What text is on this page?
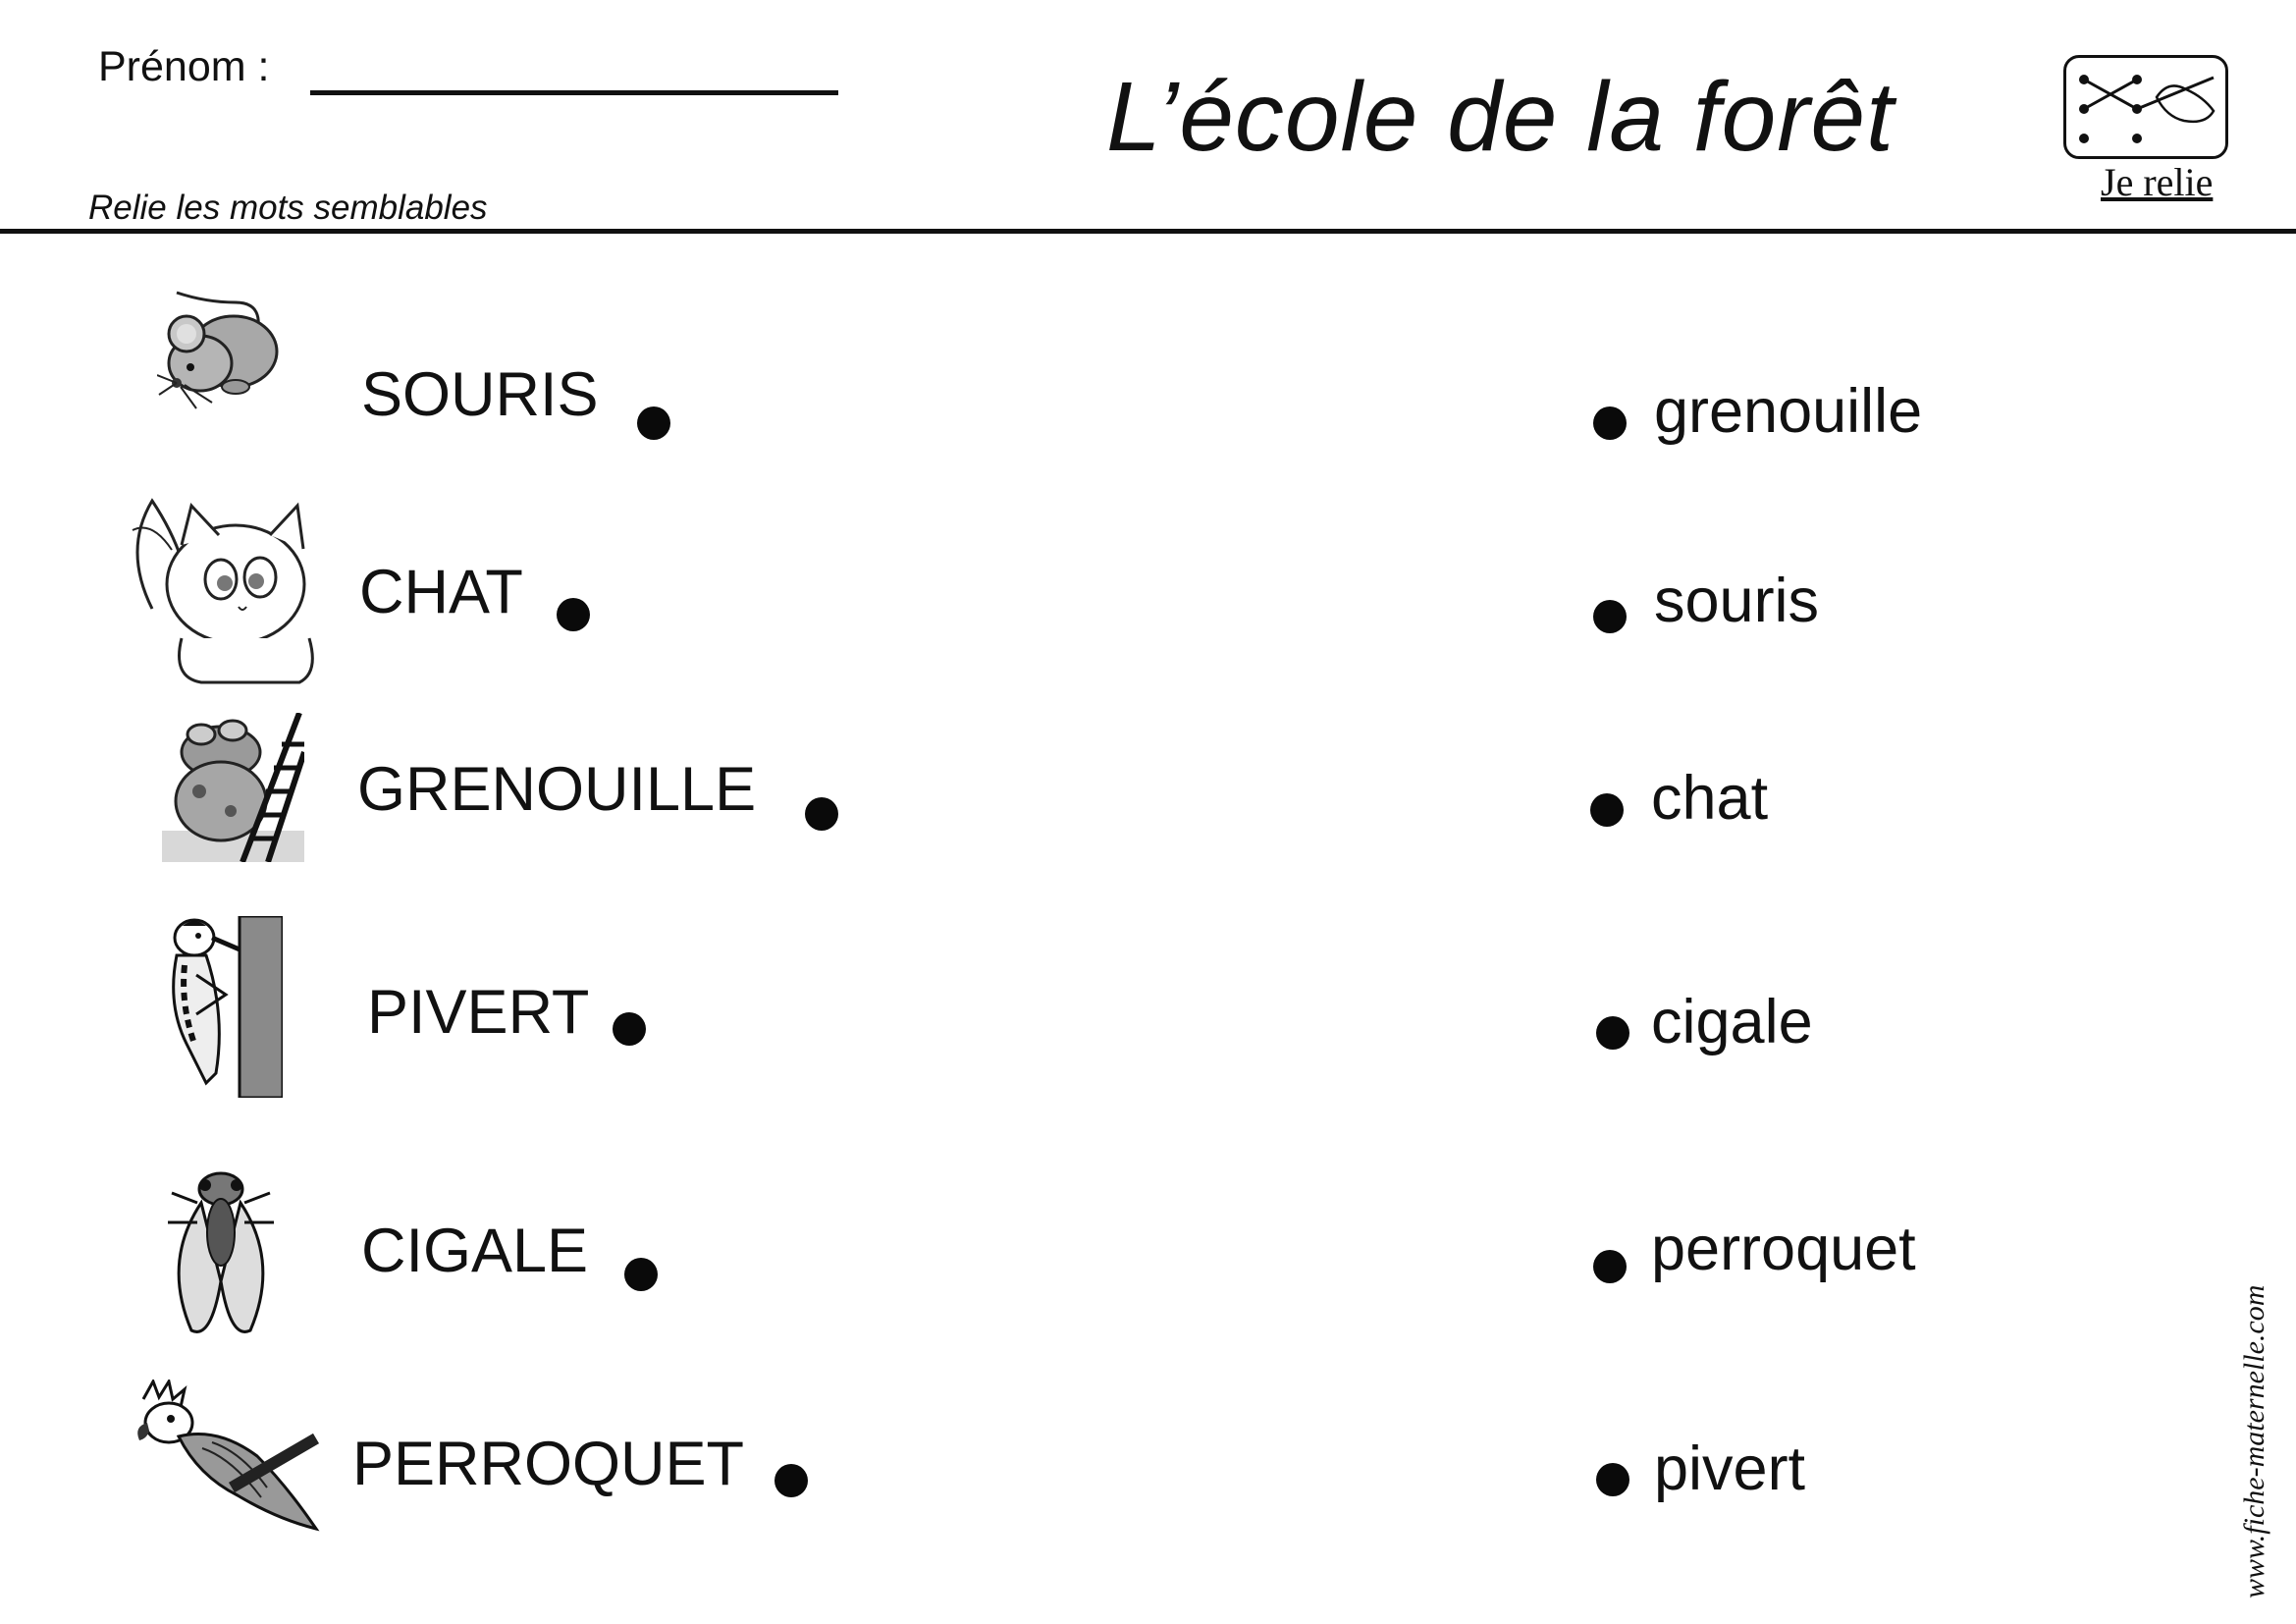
Prénom :	L’école de la forêt
Relie les mots semblables
Je relie
SOURIS
CHAT
GRENOUILLE
PIVERT
CIGALE
PERROQUET
grenouille
souris
chat
cigale
perroquet
pivert	www.fiche-maternelle.com
